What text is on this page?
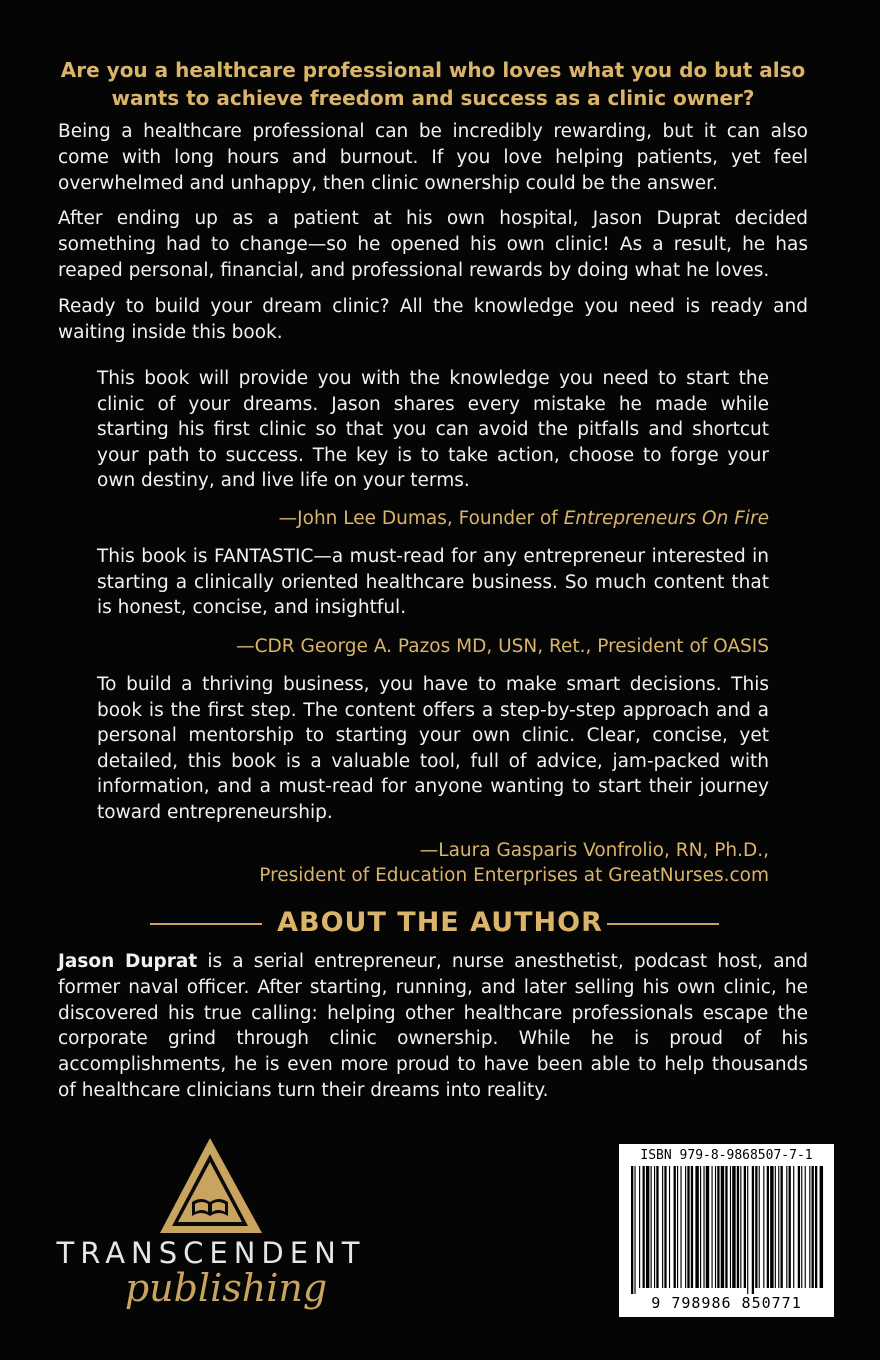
Are you a healthcare professional who loves what you do but also
wants to achieve freedom and success as a clinic owner?

Being a healthcare professional can be incredibly rewarding, but it can also come with long hours and burnout. If you love helping patients, yet feel overwhelmed and unhappy, then clinic ownership could be the answer.

After ending up as a patient at his own hospital, Jason Duprat decided something had to change—so he opened his own clinic! As a result, he has reaped personal, financial, and professional rewards by doing what he loves.

Ready to build your dream clinic? All the knowledge you need is ready and waiting inside this book.

This book will provide you with the knowledge you need to start the clinic of your dreams. Jason shares every mistake he made while starting his first clinic so that you can avoid the pitfalls and shortcut your path to success. The key is to take action, choose to forge your own destiny, and live life on your terms.

—John Lee Dumas, Founder of Entrepreneurs On Fire

This book is FANTASTIC—a must-read for any entrepreneur interested in starting a clinically oriented healthcare business. So much content that is honest, concise, and insightful.

—CDR George A. Pazos MD, USN, Ret., President of OASIS

To build a thriving business, you have to make smart decisions. This book is the first step. The content offers a step-by-step approach and a personal mentorship to starting your own clinic. Clear, concise, yet detailed, this book is a valuable tool, full of advice, jam-packed with information, and a must-read for anyone wanting to start their journey toward entrepreneurship.

—Laura Gasparis Vonfrolio, RN, Ph.D.,
President of Education Enterprises at GreatNurses.com

ABOUT THE AUTHOR

Jason Duprat is a serial entrepreneur, nurse anesthetist, podcast host, and former naval officer. After starting, running, and later selling his own clinic, he discovered his true calling: helping other healthcare professionals escape the corporate grind through clinic ownership. While he is proud of his accomplishments, he is even more proud to have been able to help thousands of healthcare clinicians turn their dreams into reality.

TRANSCENDENT
publishing
ISBN 979-8-9868507-7-1
9 798986 850771
